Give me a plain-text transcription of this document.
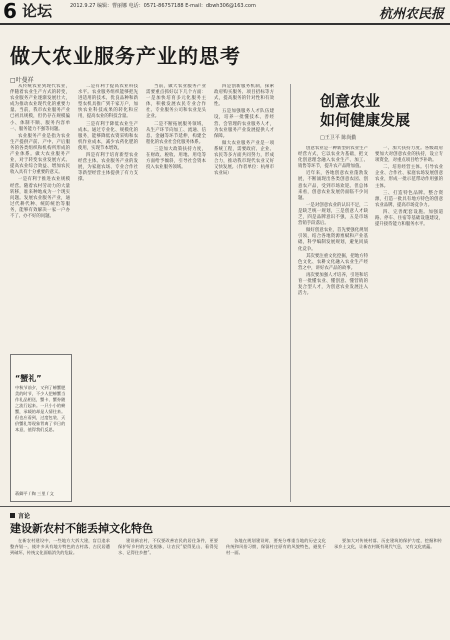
6 论坛	2012.9.27 编辑：曹丽娜 电话：0571-86757188 E-mail：dbwh306@163.com
杭州农民报
做大农业服务产业的思考
□叶曼祥

从传统农业到现代农业，伴随着农业生产方式的转变，农业服务产业逐渐发展壮大，成为推动农业现代化的重要力量。当前，我市农业服务产业已初具规模，但仍存在规模偏小、体制不顺、服务内容单一、服务能力不强等问题。

农业服务产业是指为农业生产提供产前、产中、产后服务的各类组织和机构所形成的产业体系。做大农业服务产业，对于转变农业发展方式、提高农业综合效益、增加农民收入具有十分重要的意义。

一是有利于推进农业规模经营。随着农村劳动力的大量转移，谁来种地成为一个现实问题。发展农业服务产业，通过代耕代种、统防统治等服务，能够有效解决一家一户办不了、办不好的问题。

二是有利于提高农业科技水平。农业服务组织能够把先进适用的技术、优良品种和新型农机具推广到千家万户，加快农业科技成果的转化和应用，提高农业的科技含量。

三是有利于降低农业生产成本。通过专业化、规模化的服务，能够降低农资采购和农机作业成本，减少农药化肥的使用，实现节本增效。

四是有利于培育新型农业经营主体。农业服务产业的发展，为家庭农场、专业合作社等新型经营主体提供了有力支撑。

当前，做大农业服务产业需要重点抓好以下几个方面：一是加快培育多元化服务主体，积极发展农民专业合作社、专业服务公司和农业龙头企业。

二是不断拓展服务领域，从生产环节向加工、流通、信息、金融等环节延伸，构建全程化的农业社会化服务体系。

三是加大政策扶持力度，在财政、税收、用地、用电等方面给予倾斜，引导社会资本投入农业服务领域。

四是创新服务机制，探索政府购买服务、项目招标等方式，提高服务的针对性和有效性。

五是加强服务人才队伍建设，培养一批懂技术、善经营、会管理的农业服务人才，为农业服务产业发展提供人才保障。

做大农业服务产业是一项系统工程，需要政府、企业、农民等多方面共同努力，形成合力，推动我市现代农业又好又快发展。（作者单位：杭州市农业局）

创意农业
如何健康发展
□王卫平 陈尚勤

创意农业是一种新型的农业生产经营方式，它以农业为基础，把文化创意理念融入农业生产、加工、销售等环节，提升农产品附加值。

近年来，各地创意农业蓬勃发展，不断涌现出各类创意农园、创意农产品，受到市场欢迎。但总体来看，创意农业发展仍面临不少问题。

一是对创意农业的认识不足，二是缺乏统一规划，三是创意人才缺乏，四是品牌意识不强，五是市场营销手段落后。

做好创意农业，首先要强化规划引领，结合各地资源禀赋和产业基础，科学编制发展规划，避免同质化竞争。

其次要注重文化挖掘，把地方特色文化、农耕文化融入农业生产经营之中，讲好农产品的故事。

再次要加强人才培养，引进和培育一批懂农业、懂创意、懂营销的复合型人才，为创意农业发展注入活力。

一、加大扶持力度。各级政府要加大对创意农业的扶持，设立专项资金，对重点项目给予补助。

二、培育经营主体。引导农业企业、合作社、家庭农场发展创意农业，形成一批示范带动作用强的主体。

三、打造特色品牌。整合资源，打造一批具有地方特色的创意农业品牌，提高市场竞争力。

四、完善配套设施。加强道路、停车、住宿等基础设施建设，提升接待能力和服务水平。

“蟹礼”
中秋节前夕，又到了螃蟹肥美的时节，不少人把螃蟹当作礼品相送，蟹卡、蟹券随之流行起来。一只小小的螃蟹，承载的却是人情往来。但也应看到，过度包装、天价蟹礼等现象背离了节日的本意，值得我们反思。
蒋卿平 / 陶 三里 / 文
言论
建设新农村不能丢掉文化特色

在新农村建设中，一些地方大拆大建，盲目追求整齐划一，使许多具有地方特色的古村落、古民居遭到破坏，传统文化面临消失的危险。

建设新农村，不仅要改善农民的居住条件，更要保护好乡村的文化根脉，让农民“望得见山、看得见水、记得住乡愁”。

各地在规划建设时，要充分尊重当地的历史文化传统和风俗习惯，保留村庄原有的风貌特色，避免千村一面。

要加大对传统村落、历史建筑的保护力度，挖掘和传承乡土文化，让新农村既有现代气息，又有文化底蕴。
